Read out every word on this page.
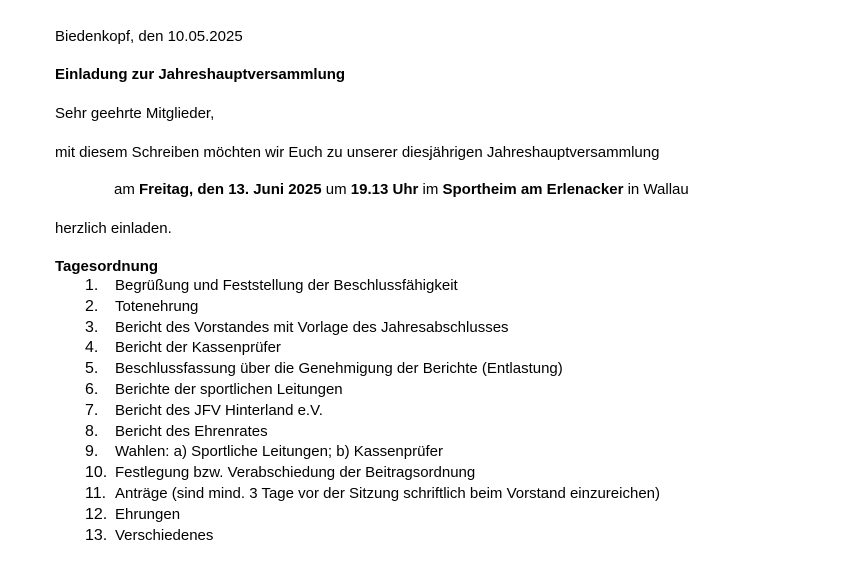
Biedenkopf, den 10.05.2025
Einladung zur Jahreshauptversammlung
Sehr geehrte Mitglieder,
mit diesem Schreiben möchten wir Euch zu unserer diesjährigen Jahreshauptversammlung
am Freitag, den 13. Juni 2025 um 19.13 Uhr im Sportheim am Erlenacker in Wallau
herzlich einladen.
Tagesordnung
1.	Begrüßung und Feststellung der Beschlussfähigkeit
2.	Totenehrung
3.	Bericht des Vorstandes mit Vorlage des Jahresabschlusses
4.	Bericht der Kassenprüfer
5.	Beschlussfassung über die Genehmigung der Berichte (Entlastung)
6.	Berichte der sportlichen Leitungen
7.	Bericht des JFV Hinterland e.V.
8.	Bericht des Ehrenrates
9.	Wahlen: a) Sportliche Leitungen; b) Kassenprüfer
10. Festlegung bzw. Verabschiedung der Beitragsordnung
11. Anträge (sind mind. 3 Tage vor der Sitzung schriftlich beim Vorstand einzureichen)
12. Ehrungen
13. Verschiedenes
